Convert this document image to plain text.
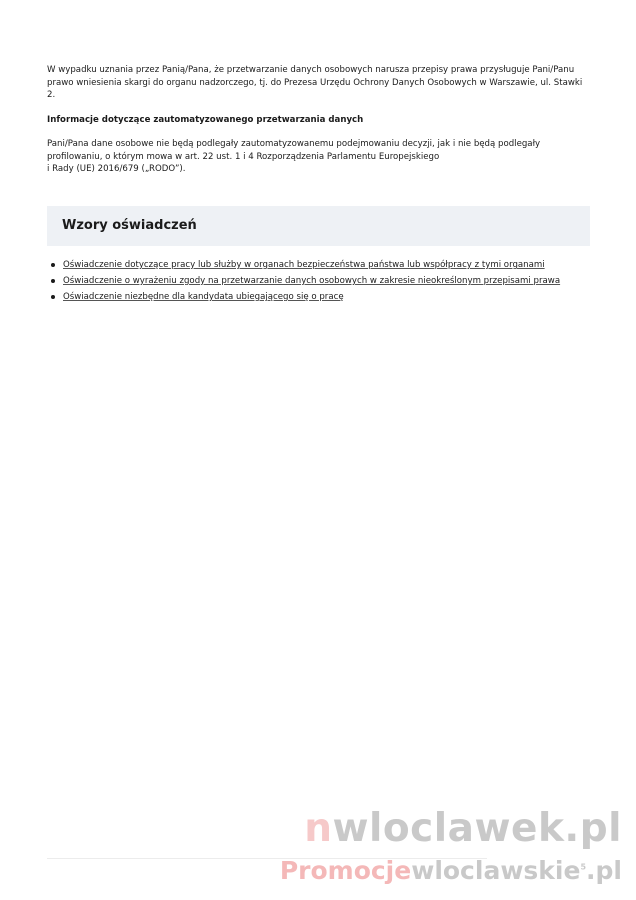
W wypadku uznania przez Panią/Pana, że przetwarzanie danych osobowych narusza przepisy prawa przysługuje Pani/Panu
prawo wniesienia skargi do organu nadzorczego, tj. do Prezesa Urzędu Ochrony Danych Osobowych w Warszawie, ul. Stawki
2.

Informacje dotyczące zautomatyzowanego przetwarzania danych

Pani/Pana dane osobowe nie będą podlegały zautomatyzowanemu podejmowaniu decyzji, jak i nie będą podlegały
profilowaniu, o którym mowa w art. 22 ust. 1 i 4 Rozporządzenia Parlamentu Europejskiego
i Rady (UE) 2016/679 („RODO”).

Wzory oświadczeń
Oświadczenie dotyczące pracy lub służby w organach bezpieczeństwa państwa lub współpracy z tymi organami
Oświadczenie o wyrażeniu zgody na przetwarzanie danych osobowych w zakresie nieokreślonym przepisami prawa
Oświadczenie niezbędne dla kandydata ubiegającego się o pracę
nwloclawek.pl
Promocjewloclawskie$^5$.pl
